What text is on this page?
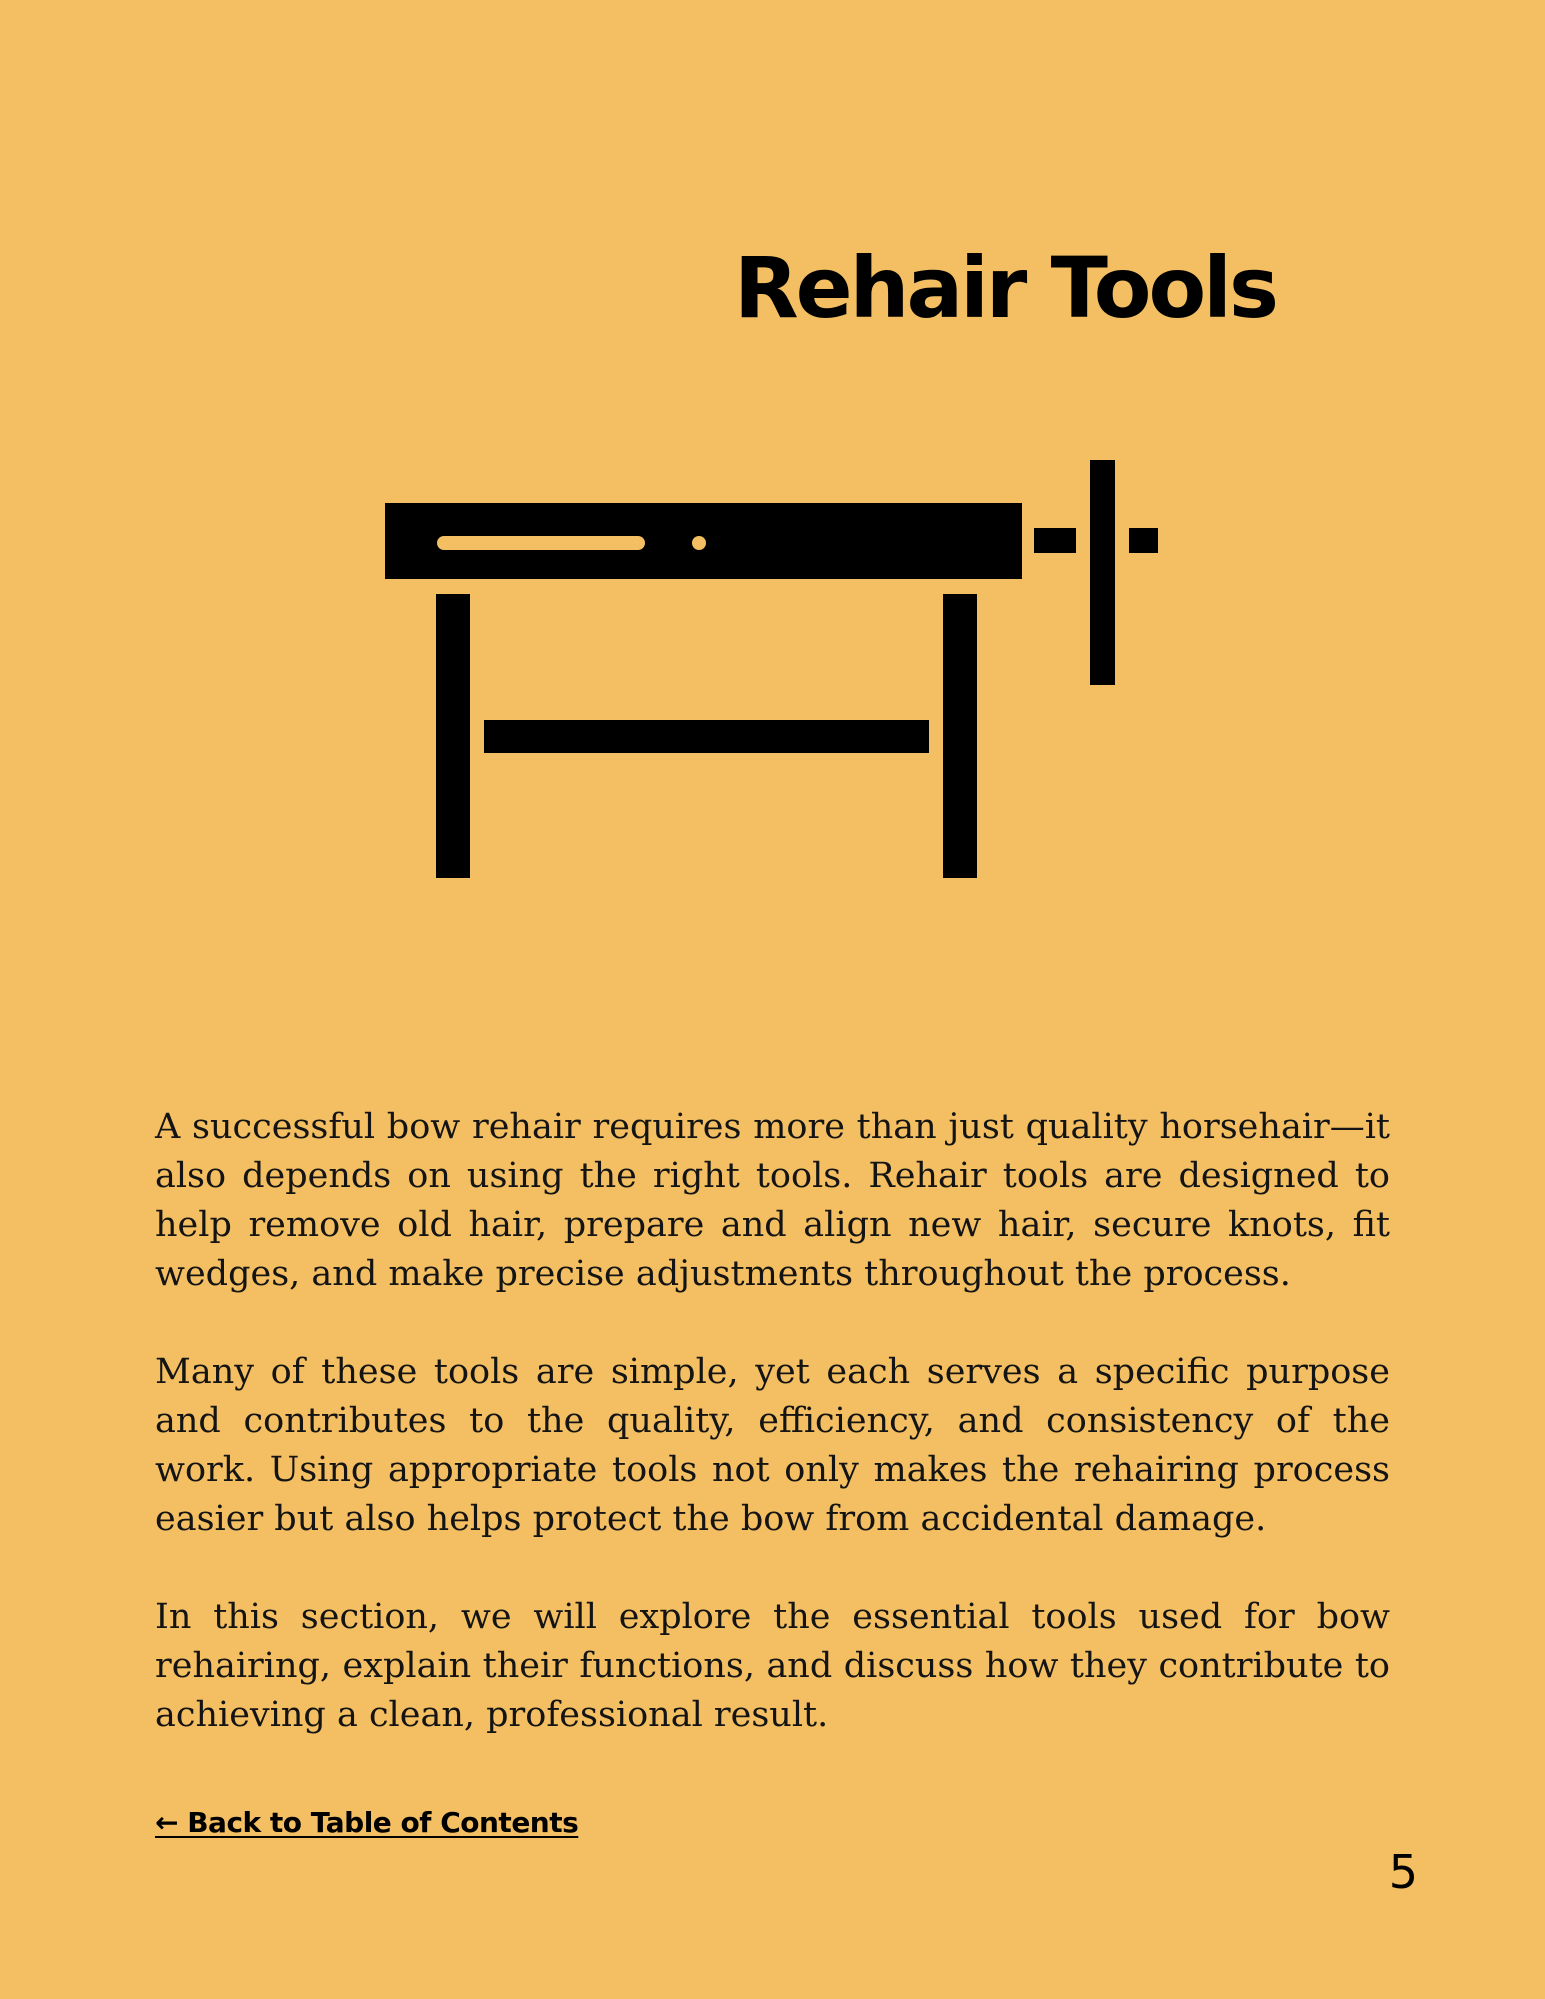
Rehair Tools

A successful bow rehair requires more than just quality horsehair—it also depends on using the right tools. Rehair tools are designed to help remove old hair, prepare and align new hair, secure knots, fit wedges, and make precise adjustments throughout the process.

Many of these tools are simple, yet each serves a specific purpose and contributes to the quality, efficiency, and consistency of the work. Using appropriate tools not only makes the rehairing process easier but also helps protect the bow from accidental damage.

In this section, we will explore the essential tools used for bow rehairing, explain their functions, and discuss how they contribute to achieving a clean, professional result.

← Back to Table of Contents
5
